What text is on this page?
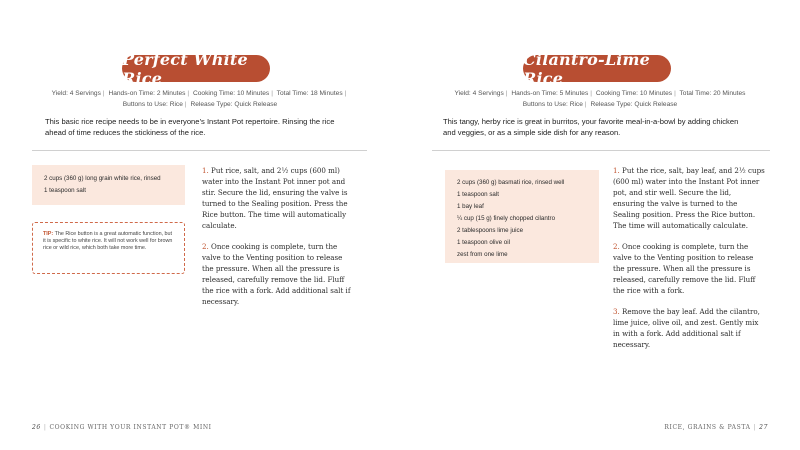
Perfect White Rice
Yield: 4 Servings | Hands-on Time: 2 Minutes | Cooking Time: 10 Minutes | Total Time: 18 Minutes |
Buttons to Use: Rice | Release Type: Quick Release
This basic rice recipe needs to be in everyone’s Instant Pot repertoire. Rinsing the rice ahead of time reduces the stickiness of the rice.
2 cups (360 g) long grain white rice, rinsed
1 teaspoon salt
TIP: The Rice button is a great automatic function, but it is specific to white rice. It will not work well for brown rice or wild rice, which both take more time.
1. Put rice, salt, and 2½ cups (600 ml) water into the Instant Pot inner pot and stir. Secure the lid, ensuring the valve is turned to the Sealing position. Press the Rice button. The time will automatically calculate.
2. Once cooking is complete, turn the valve to the Venting position to release the pressure. When all the pressure is released, carefully remove the lid. Fluff the rice with a fork. Add additional salt if necessary.
26 | COOKING WITH YOUR INSTANT POT® MINI
Cilantro-Lime Rice
Yield: 4 Servings | Hands-on Time: 5 Minutes | Cooking Time: 10 Minutes | Total Time: 20 Minutes
Buttons to Use: Rice | Release Type: Quick Release
This tangy, herby rice is great in burritos, your favorite meal-in-a-bowl by adding chicken and veggies, or as a simple side dish for any reason.
2 cups (360 g) basmati rice, rinsed well
1 teaspoon salt
1 bay leaf
¼ cup (15 g) finely chopped cilantro
2 tablespoons lime juice
1 teaspoon olive oil
zest from one lime
1. Put the rice, salt, bay leaf, and 2½ cups (600 ml) water into the Instant Pot inner pot, and stir well. Secure the lid, ensuring the valve is turned to the Sealing position. Press the Rice button. The time will automatically calculate.
2. Once cooking is complete, turn the valve to the Venting position to release the pressure. When all the pressure is released, carefully remove the lid. Fluff the rice with a fork.
3. Remove the bay leaf. Add the cilantro, lime juice, olive oil, and zest. Gently mix in with a fork. Add additional salt if necessary.
RICE, GRAINS & PASTA | 27
